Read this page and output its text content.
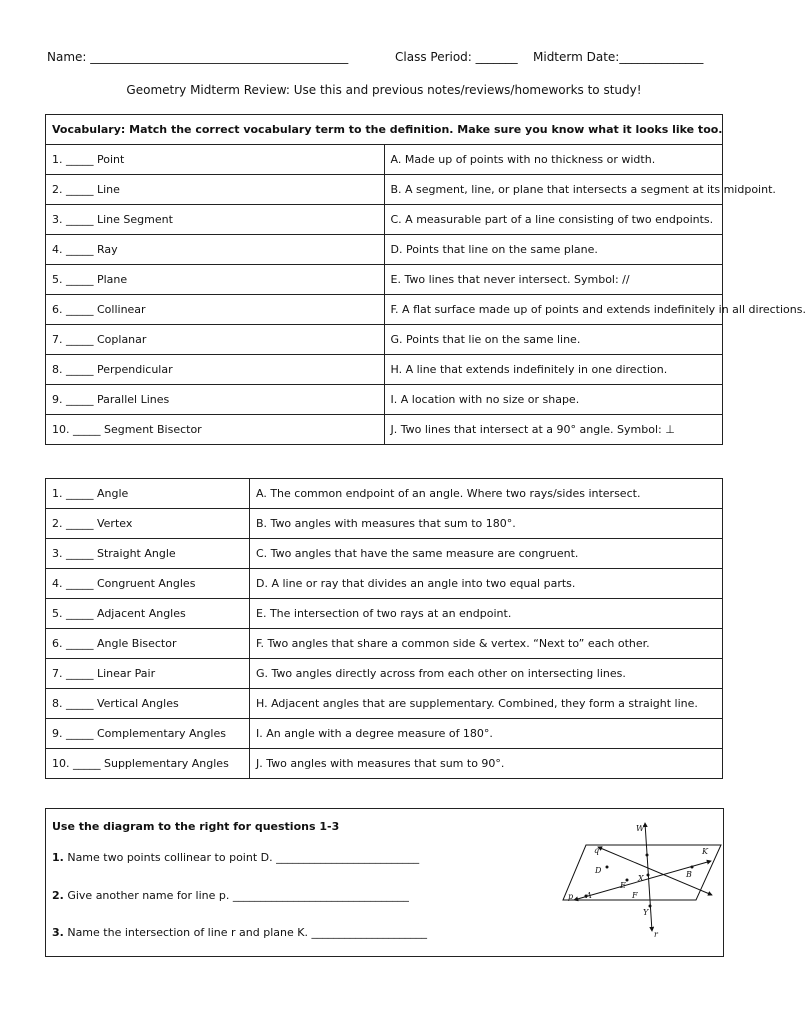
Name: ___________________________________________	Class Period: _______ Midterm Date:______________
Geometry Midterm Review: Use this and previous notes/reviews/homeworks to study!
Vocabulary: Match the correct vocabulary term to the definition. Make sure you know what it looks like too.	
1. _____ Point	A. Made up of points with no thickness or width.
2. _____ Line	B. A segment, line, or plane that intersects a segment at its midpoint.
3. _____ Line Segment	C. A measurable part of a line consisting of two endpoints.
4. _____ Ray	D. Points that line on the same plane.
5. _____ Plane	E. Two lines that never intersect. Symbol: //
6. _____ Collinear	F. A flat surface made up of points and extends indefinitely in all directions.
7. _____ Coplanar	G. Points that lie on the same line.
8. _____ Perpendicular	H. A line that extends indefinitely in one direction.
9. _____ Parallel Lines	I. A location with no size or shape.
10. _____ Segment Bisector	J. Two lines that intersect at a 90° angle. Symbol: ⊥
1. _____ Angle	A. The common endpoint of an angle. Where two rays/sides intersect.
2. _____ Vertex	B. Two angles with measures that sum to 180°.
3. _____ Straight Angle	C. Two angles that have the same measure are congruent.
4. _____ Congruent Angles	D. A line or ray that divides an angle into two equal parts.
5. _____ Adjacent Angles	E. The intersection of two rays at an endpoint.
6. _____ Angle Bisector	F. Two angles that share a common side & vertex. “Next to” each other.
7. _____ Linear Pair	G. Two angles directly across from each other on intersecting lines.
8. _____ Vertical Angles	H. Adjacent angles that are supplementary. Combined, they form a straight line.
9. _____ Complementary Angles	I. An angle with a degree measure of 180°.
10. _____ Supplementary Angles	J. Two angles with measures that sum to 90°.
Use the diagram to the right for questions 1-3
1. Name two points collinear to point D. __________________________
2. Give another name for line p. ________________________________
3. Name the intersection of line r and plane K. _____________________
W
K
q
D
E
X	B
p A	F
Y
r
